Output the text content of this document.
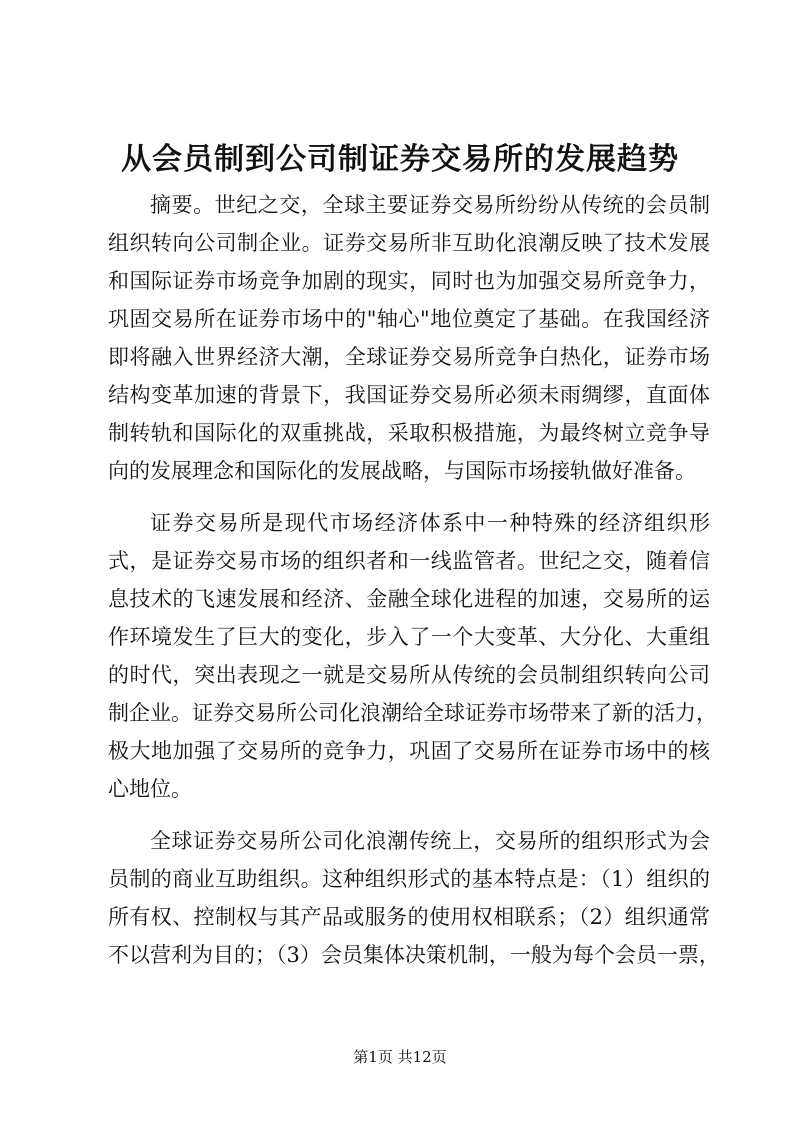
从会员制到公司制证券交易所的发展趋势
摘要。世纪之交，全球主要证券交易所纷纷从传统的会员制
组织转向公司制企业。证券交易所非互助化浪潮反映了技术发展
和国际证券市场竞争加剧的现实，同时也为加强交易所竞争力，
巩固交易所在证券市场中的"轴心"地位奠定了基础。在我国经济
即将融入世界经济大潮，全球证券交易所竞争白热化，证券市场
结构变革加速的背景下，我国证券交易所必须未雨绸缪，直面体
制转轨和国际化的双重挑战，采取积极措施，为最终树立竞争导
向的发展理念和国际化的发展战略，与国际市场接轨做好准备。
证券交易所是现代市场经济体系中一种特殊的经济组织形
式，是证券交易市场的组织者和一线监管者。世纪之交，随着信
息技术的飞速发展和经济、金融全球化进程的加速，交易所的运
作环境发生了巨大的变化，步入了一个大变革、大分化、大重组
的时代，突出表现之一就是交易所从传统的会员制组织转向公司
制企业。证券交易所公司化浪潮给全球证券市场带来了新的活力，
极大地加强了交易所的竞争力，巩固了交易所在证券市场中的核
心地位。
全球证券交易所公司化浪潮传统上，交易所的组织形式为会
员制的商业互助组织。这种组织形式的基本特点是：（1）组织的
所有权、控制权与其产品或服务的使用权相联系；（2）组织通常
不以营利为目的；（3）会员集体决策机制，一般为每个会员一票，
第1页 共12页
